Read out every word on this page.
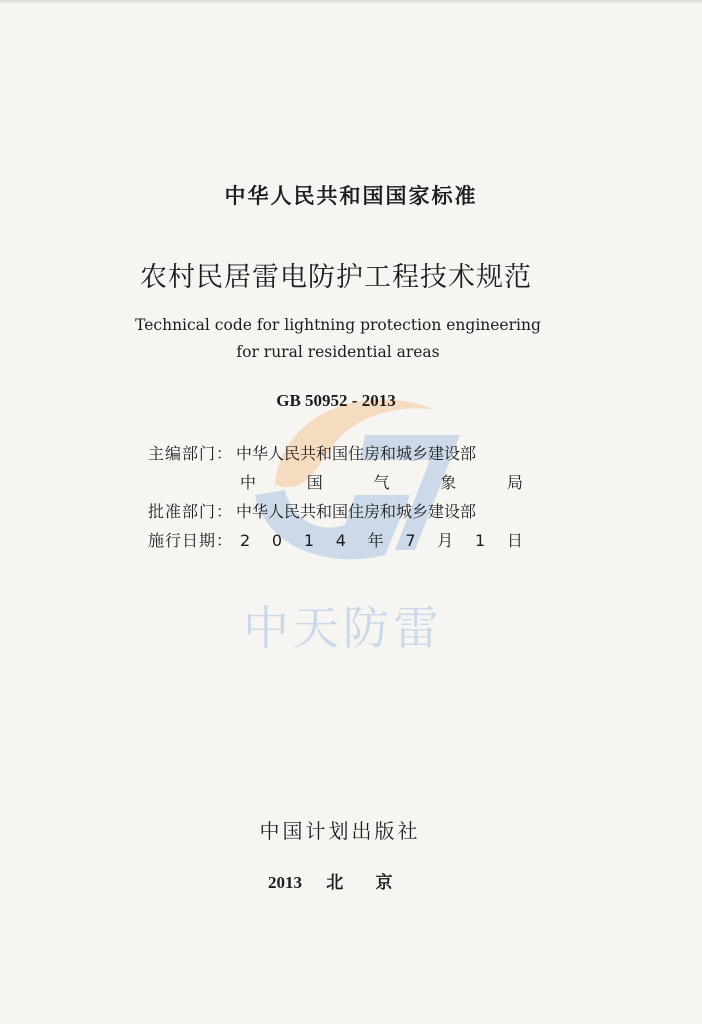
中天防雷
中华人民共和国国家标准
农村民居雷电防护工程技术规范
Technical code for lightning protection engineering
for rural residential areas
GB 50952 - 2013
主编部门： 中华人民共和国住房和城乡建设部
中	国	气	象	局
批准部门： 中华人民共和国住房和城乡建设部
施行日期： 2 0 1 4 年 7 月 1 日
中国计划出版社
2013 北 京
